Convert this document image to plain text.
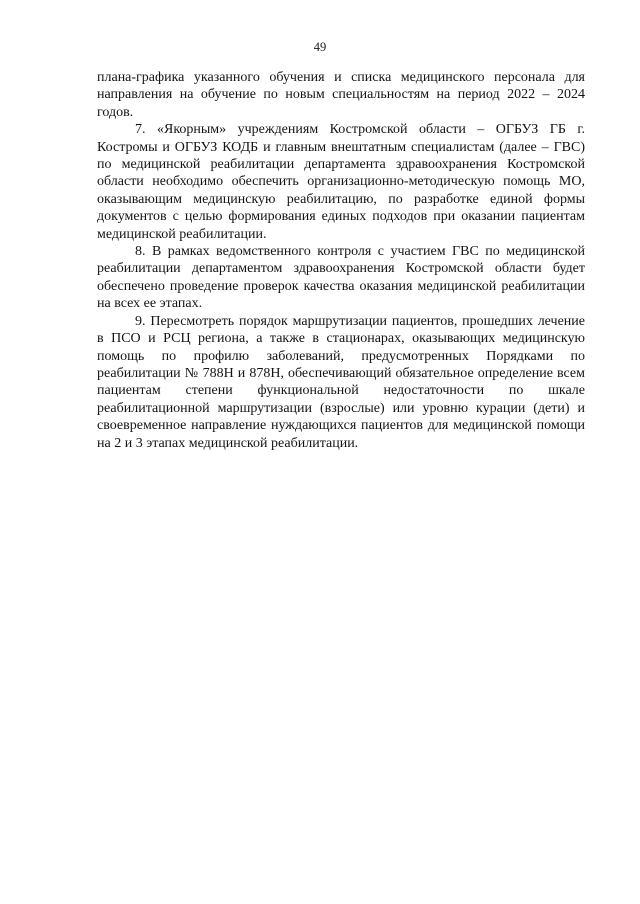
49

плана-графика указанного обучения и списка медицинского персонала для направления на обучение по новым специальностям на период 2022 – 2024 годов.

7. «Якорным» учреждениям Костромской области – ОГБУЗ ГБ г. Костромы и ОГБУЗ КОДБ и главным внештатным специалистам (далее – ГВС) по медицинской реабилитации департамента здравоохранения Костромской области необходимо обеспечить организационно-методическую помощь МО, оказывающим медицинскую реабилитацию, по разработке единой формы документов с целью формирования единых подходов при оказании пациентам медицинской реабилитации.

8. В рамках ведомственного контроля с участием ГВС по медицинской реабилитации департаментом здравоохранения Костромской области будет обеспечено проведение проверок качества оказания медицинской реабилитации на всех ее этапах.

9. Пересмотреть порядок маршрутизации пациентов, прошедших лечение в ПСО и РСЦ региона, а также в стационарах, оказывающих медицинскую помощь по профилю заболеваний, предусмотренных Порядками по реабилитации № 788Н и 878Н, обеспечивающий обязательное определение всем пациентам степени функциональной недостаточности по шкале реабилитационной маршрутизации (взрослые) или уровню курации (дети) и своевременное направление нуждающихся пациентов для медицинской помощи на 2 и 3 этапах медицинской реабилитации.
